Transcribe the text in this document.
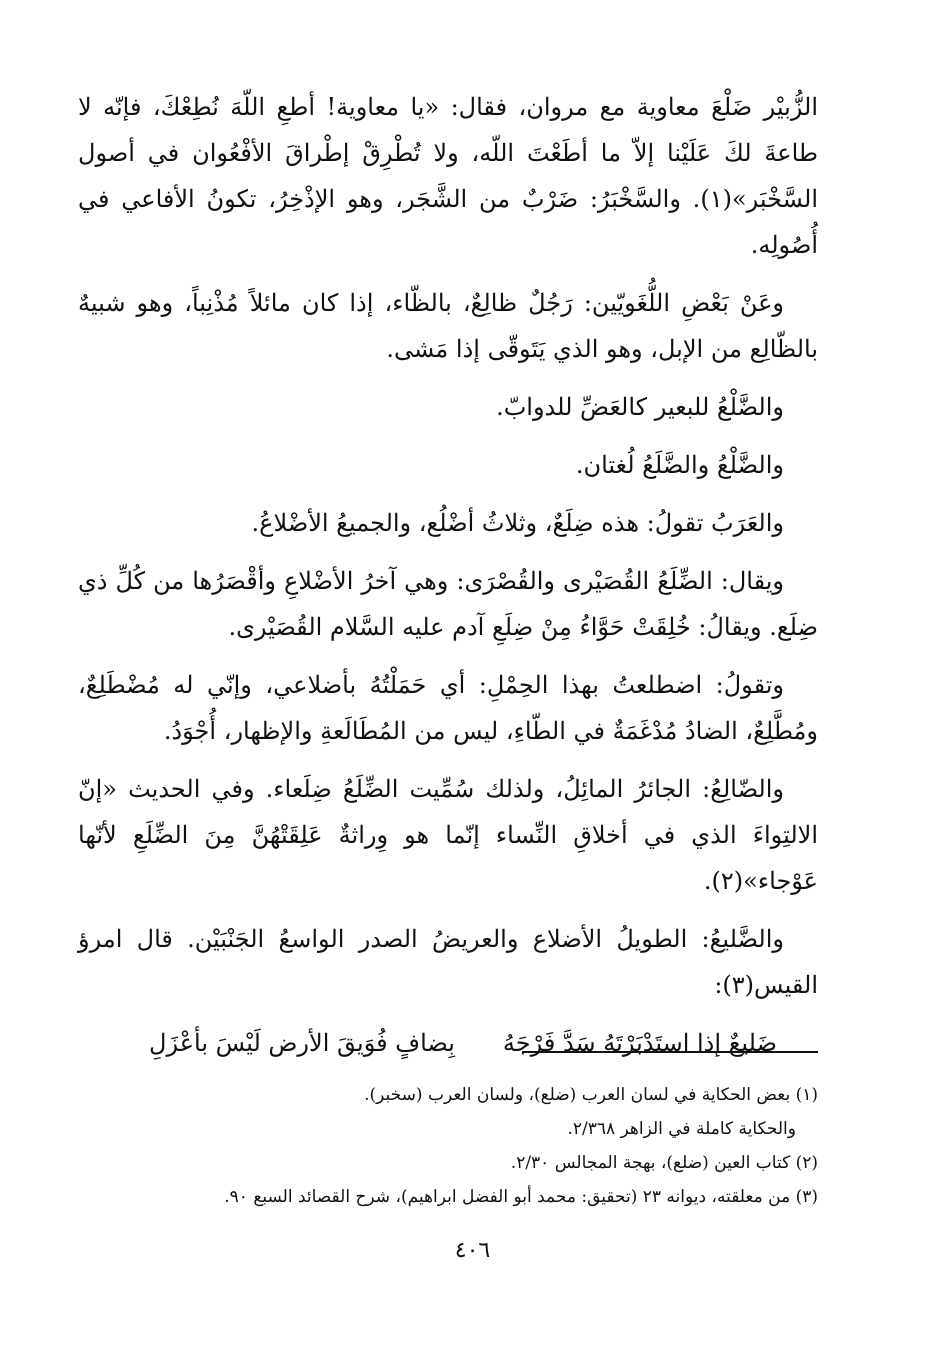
الزُّبيْر ضَلْعَ معاوية مع مروان، فقال: «يا معاوية! أطعِ اللّهَ نُطِعْكَ، فإنّه لا طاعةَ لكَ عَلَيْنا إلاّ ما أطَعْتَ اللّه، ولا تُطْرِقْ إطْراقَ الأفْعُوان في أصول السَّخْبَر»(١). والسَّخْبَرُ: ضَرْبٌ من الشَّجَر، وهو الإذْخِرُ، تكونُ الأفاعي في أُصُولِه.

وعَنْ بَعْضِ اللُّغَويّين: رَجُلٌ ظالِعٌ، بالظّاء، إذا كان مائلاً مُذْنِباً، وهو شبيهٌ بالظّالِع من الإبل، وهو الذي يَتَوقّى إذا مَشى.

والضَّلْعُ للبعير كالعَضِّ للدوابّ.

والضَّلْعُ والضَّلَعُ لُغتان.

والعَرَبُ تقولُ: هذه ضِلَعٌ، وثلاثُ أضْلُع، والجميعُ الأضْلاعُ.

ويقال: الضِّلَعُ القُصَيْرى والقُصْرَى: وهي آخرُ الأضْلاعِ وأقْصَرُها من كُلِّ ذي ضِلَع. ويقالُ: خُلِقَتْ حَوَّاءُ مِنْ ضِلَعِ آدم عليه السَّلام القُصَيْرى.

وتقولُ: اضطلعتُ بهذا الحِمْلِ: أي حَمَلْتُهُ بأضلاعي، وإنّي له مُضْطَلِعٌ، ومُطَّلِعٌ، الضادُ مُدْغَمَةٌ في الطّاءِ، ليس من المُطَالَعةِ والإظهار، أُجْوَدُ.

والضّالِعُ: الجائرُ المائِلُ، ولذلك سُمِّيت الضِّلَعُ ضِلَعاء. وفي الحديث «إنّ الالتِواءَ الذي في أخلاقِ النِّساء إنّما هو وِراثةٌ عَلِقَتْهُنَّ مِنَ الضِّلَعِ لأنّها عَوْجاء»(٢).

والضَّليعُ: الطويلُ الأضلاع والعريضُ الصدر الواسعُ الجَنْبَيْن. قال امرؤ القيس(٣):

ضَليعٌ إذا استَدْبَرْتَهُ سَدَّ فَرْجَهُ
بِضافٍ فُوَيقَ الأرض لَيْسَ بأعْزَلِ

(١) بعض الحكاية في لسان العرب (ضلع)، ولسان العرب (سخبر).

والحكاية كاملة في الزاهر ٢/٣٦٨.

(٢) كتاب العين (ضلع)، بهجة المجالس ٢/٣٠.

(٣) من معلقته، ديوانه ٢٣ (تحقيق: محمد أبو الفضل ابراهيم)، شرح القصائد السبع ٩٠.

٤٠٦
